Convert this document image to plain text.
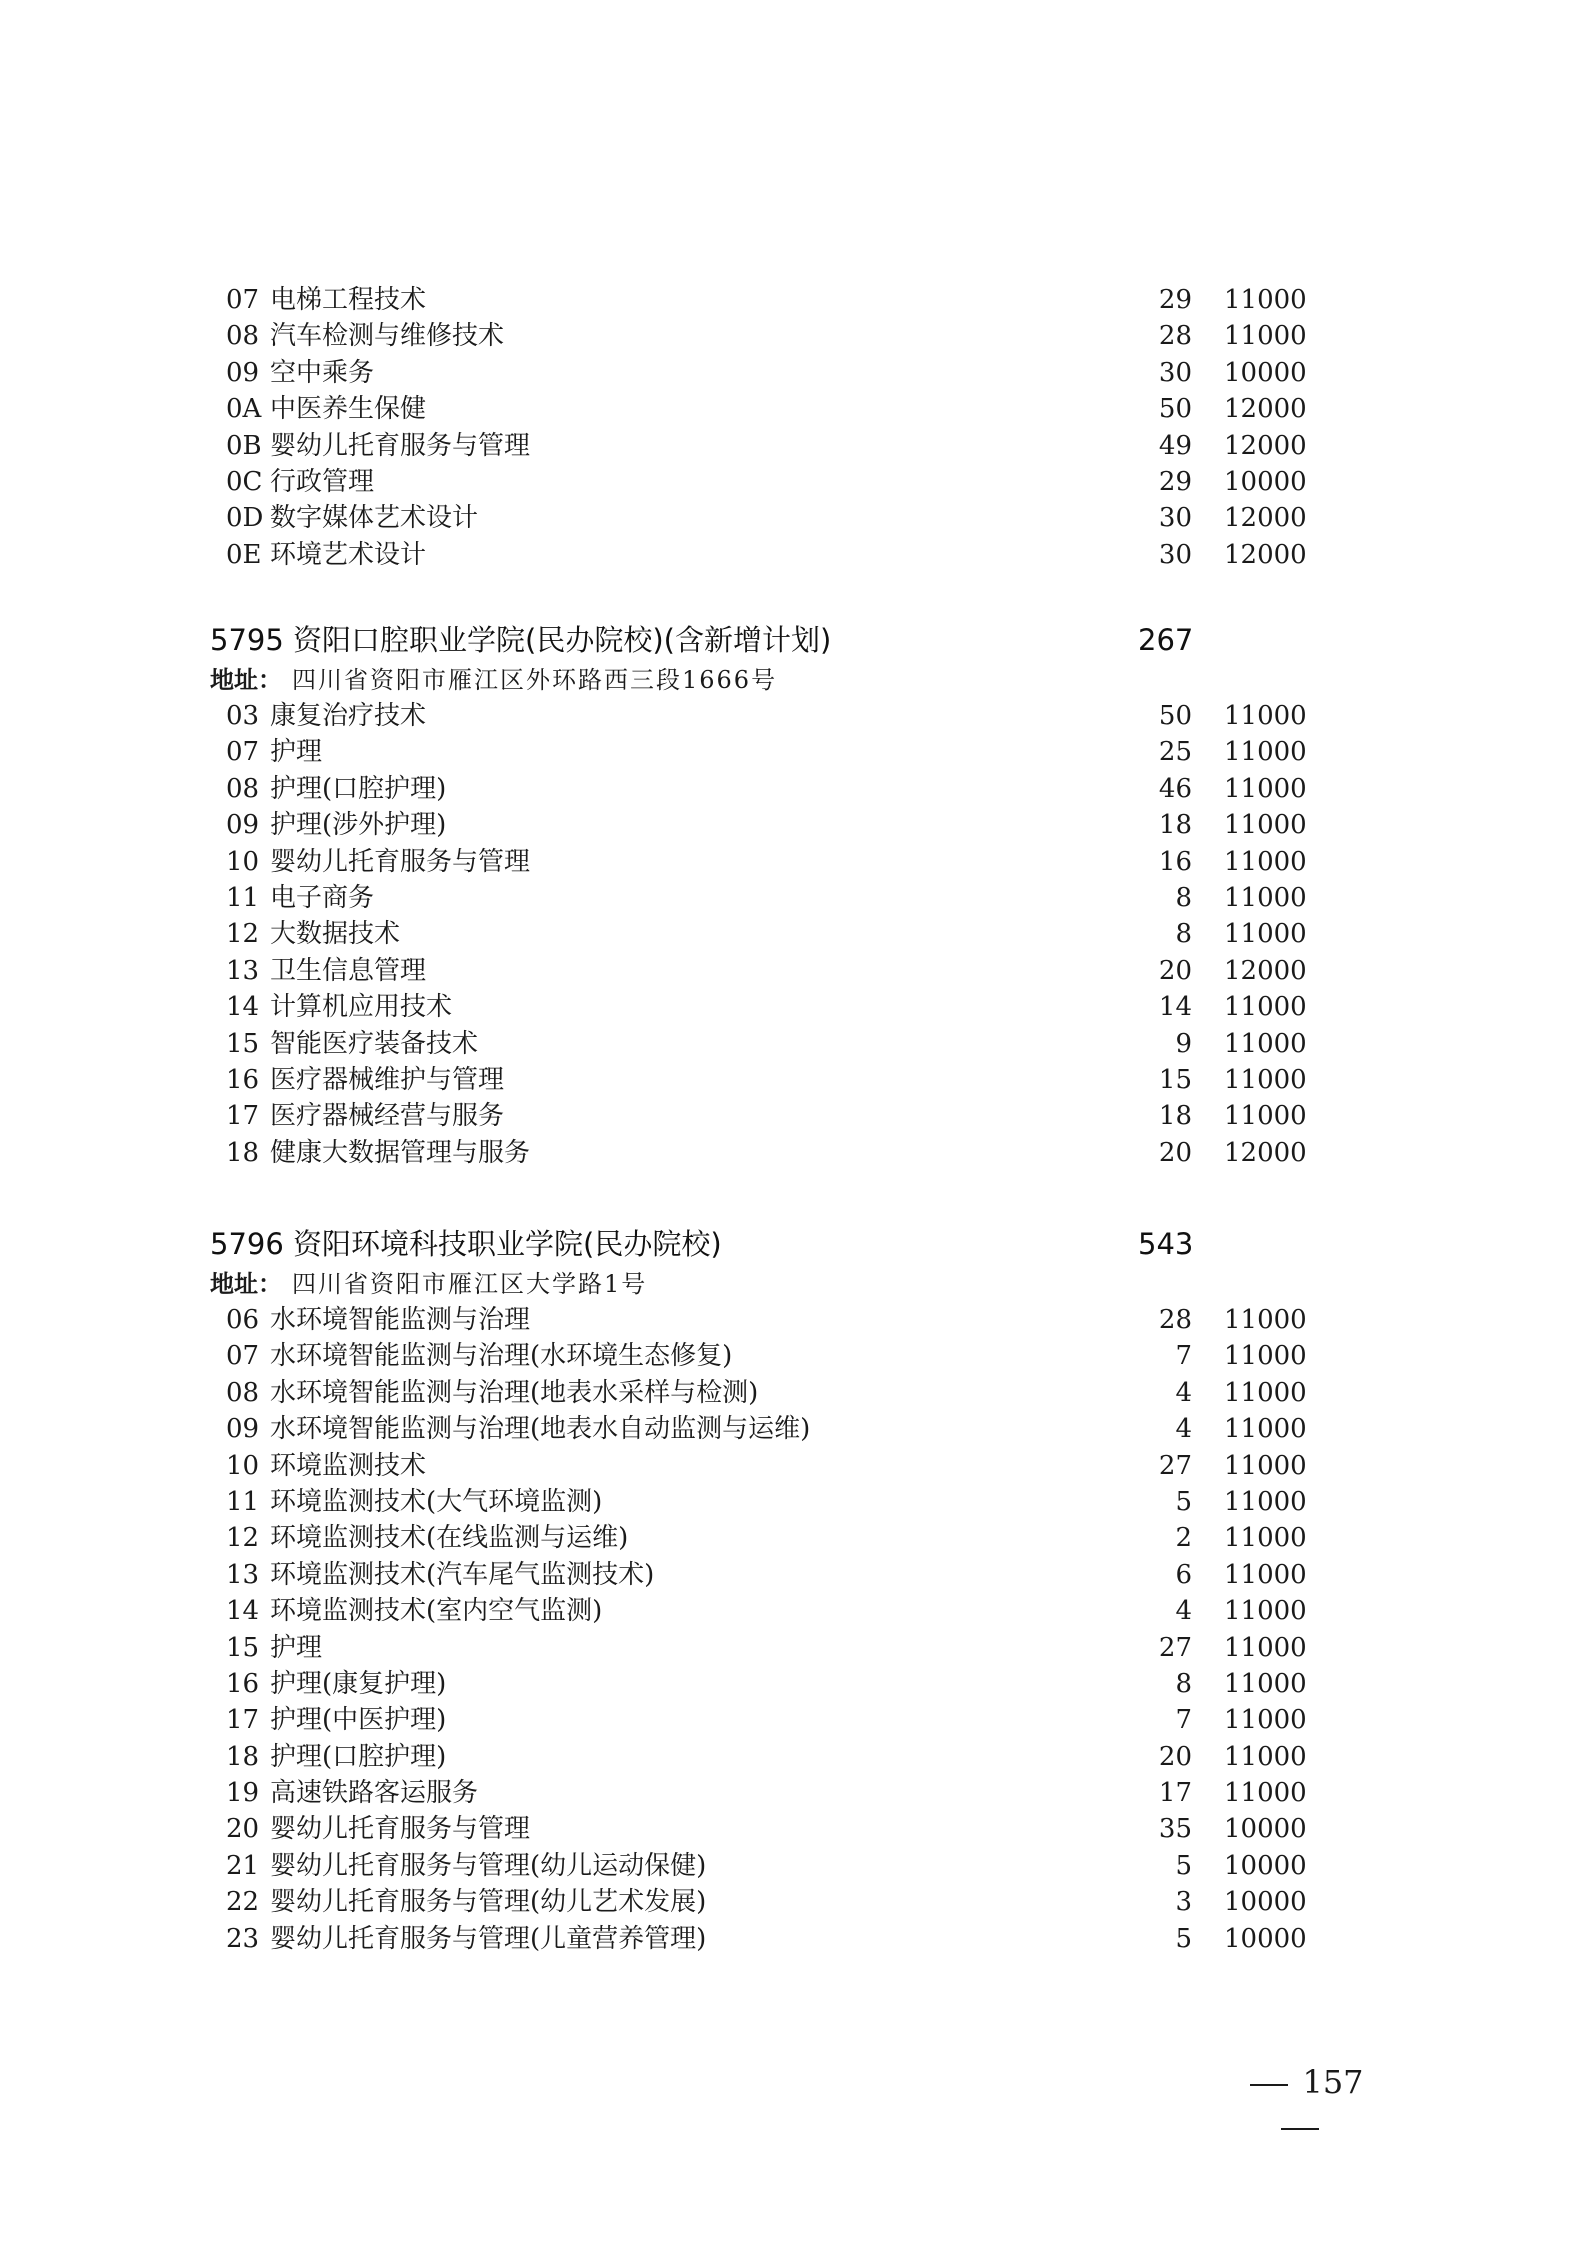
07 电梯工程技术	29 11000
08 汽车检测与维修技术	28 11000
09 空中乘务	30 10000
0A 中医养生保健	50 12000
0B 婴幼儿托育服务与管理	49 12000
0C 行政管理	29 10000
0D 数字媒体艺术设计	30 12000
0E 环境艺术设计	30 12000
5795 资阳口腔职业学院(民办院校)(含新增计划)	267
地址： 四川省资阳市雁江区外环路西三段1666号
03 康复治疗技术	50 11000
07 护理	25 11000
08 护理(口腔护理)	46 11000
09 护理(涉外护理)	18 11000
10 婴幼儿托育服务与管理	16 11000
11 电子商务	8 11000
12 大数据技术	8 11000
13 卫生信息管理	20 12000
14 计算机应用技术	14 11000
15 智能医疗装备技术	9 11000
16 医疗器械维护与管理	15 11000
17 医疗器械经营与服务	18 11000
18 健康大数据管理与服务	20 12000
5796 资阳环境科技职业学院(民办院校)	543
地址： 四川省资阳市雁江区大学路1号
06 水环境智能监测与治理	28 11000
07 水环境智能监测与治理(水环境生态修复)	7 11000
08 水环境智能监测与治理(地表水采样与检测)	4 11000
09 水环境智能监测与治理(地表水自动监测与运维)	4 11000
10 环境监测技术	27 11000
11 环境监测技术(大气环境监测)	5 11000
12 环境监测技术(在线监测与运维)	2 11000
13 环境监测技术(汽车尾气监测技术)	6 11000
14 环境监测技术(室内空气监测)	4 11000
15 护理	27 11000
16 护理(康复护理)	8 11000
17 护理(中医护理)	7 11000
18 护理(口腔护理)	20 11000
19 高速铁路客运服务	17 11000
20 婴幼儿托育服务与管理	35 10000
21 婴幼儿托育服务与管理(幼儿运动保健)	5 10000
22 婴幼儿托育服务与管理(幼儿艺术发展)	3 10000
23 婴幼儿托育服务与管理(儿童营养管理)	5 10000
157
